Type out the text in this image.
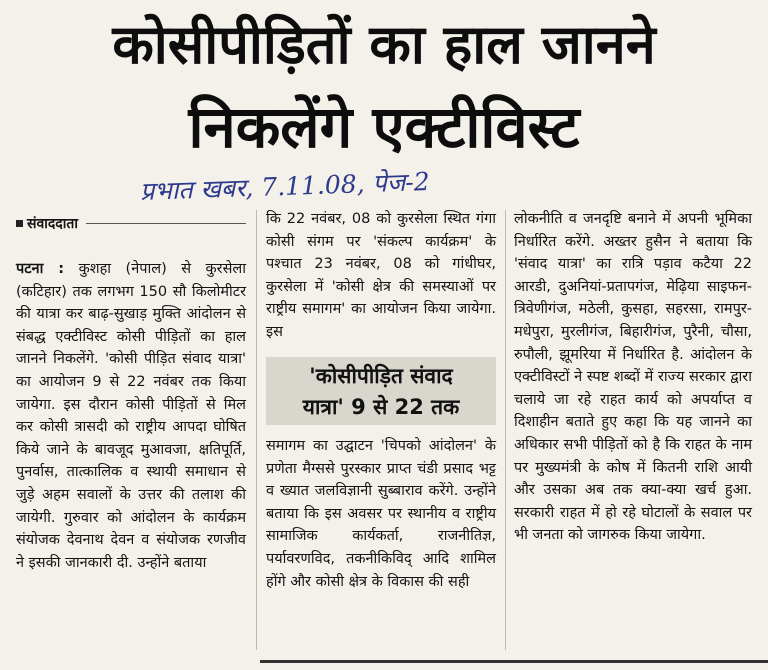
कोसीपीड़ितों का हाल जानने
निकलेंगे एक्टीविस्ट
प्रभात खबर, 7.11.08, पेज-2
संवाददाता
पटना : कुशहा (नेपाल) से कुरसेला (कटिहार) तक लगभग 150 सौ किलोमीटर की यात्रा कर बाढ़-सुखाड़ मुक्ति आंदोलन से संबद्ध एक्टीविस्ट कोसी पीड़ितों का हाल जानने निकलेंगे. 'कोसी पीड़ित संवाद यात्रा' का आयोजन 9 से 22 नवंबर तक किया जायेगा. इस दौरान कोसी पीड़ितों से मिल कर कोसी त्रासदी को राष्ट्रीय आपदा घोषित किये जाने के बावजूद मुआवजा, क्षतिपूर्ति, पुनर्वास, तात्कालिक व स्थायी समाधान से जुड़े अहम सवालों के उत्तर की तलाश की जायेगी. गुरुवार को आंदोलन के कार्यक्रम संयोजक देवनाथ देवन व संयोजक रणजीव ने इसकी जानकारी दी. उन्होंने बताया
कि 22 नवंबर, 08 को कुरसेला स्थित गंगा कोसी संगम पर 'संकल्प कार्यक्रम' के पश्चात 23 नवंबर, 08 को गांधीघर, कुरसेला में 'कोसी क्षेत्र की समस्याओं पर राष्ट्रीय समागम' का आयोजन किया जायेगा. इस
'कोसीपीड़ित संवाद
यात्रा' 9 से 22 तक
समागम का उद्घाटन 'चिपको आंदोलन' के प्रणेता मैग्ससे पुरस्कार प्राप्त चंडी प्रसाद भट्ट व ख्यात जलविज्ञानी सुब्बाराव करेंगे. उन्होंने बताया कि इस अवसर पर स्थानीय व राष्ट्रीय सामाजिक कार्यकर्ता, राजनीतिज्ञ, पर्यावरणविद, तकनीकिविद् आदि शामिल होंगे और कोसी क्षेत्र के विकास की सही
लोकनीति व जनदृष्टि बनाने में अपनी भूमिका निर्धारित करेंगे. अख्तर हुसैन ने बताया कि 'संवाद यात्रा' का रात्रि पड़ाव कटैया 22 आरडी, दुअनियां-प्रतापगंज, मेढ़िया साइफन-त्रिवेणीगंज, मठेली, कुसहा, सहरसा, रामपुर-मधेपुरा, मुरलीगंज, बिहारीगंज, पुरैनी, चौसा, रुपौली, झूमरिया में निर्धारित है. आंदोलन के एक्टीविस्टों ने स्पष्ट शब्दों में राज्य सरकार द्वारा चलाये जा रहे राहत कार्य को अपर्याप्त व दिशाहीन बताते हुए कहा कि यह जानने का अधिकार सभी पीड़ितों को है कि राहत के नाम पर मुख्यमंत्री के कोष में कितनी राशि आयी और उसका अब तक क्या-क्या खर्च हुआ. सरकारी राहत में हो रहे घोटालों के सवाल पर भी जनता को जागरुक किया जायेगा.
